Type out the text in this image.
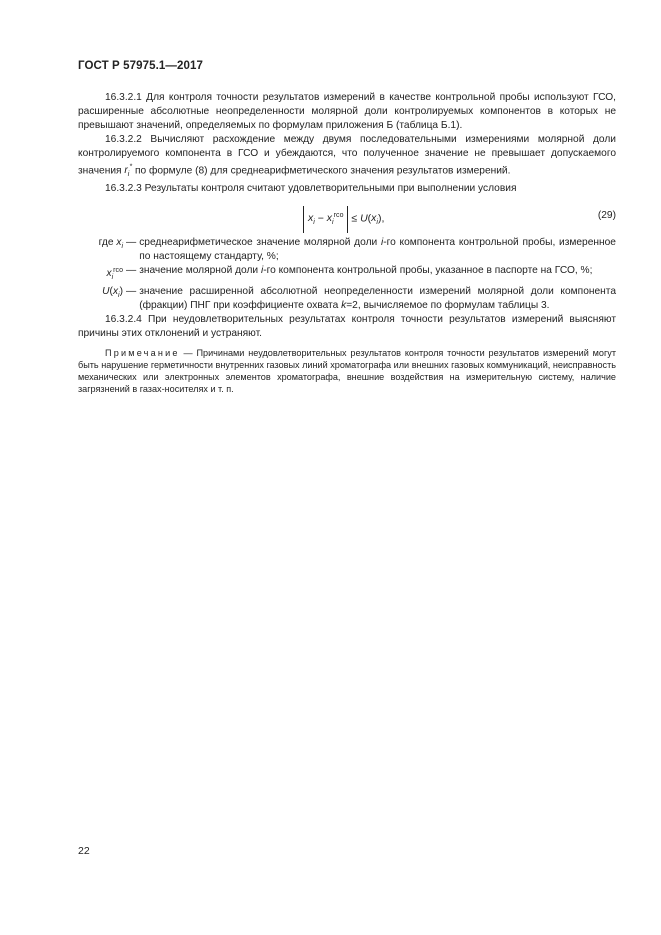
ГОСТ Р 57975.1—2017

16.3.2.1 Для контроля точности результатов измерений в качестве контрольной пробы используют ГСО, расширенные абсолютные неопределенности молярной доли контролируемых компонентов в которых не превышают значений, определяемых по формулам приложения Б (таблица Б.1).

16.3.2.2 Вычисляют расхождение между двумя последовательными измерениями молярной доли контролируемого компонента в ГСО и убеждаются, что полученное значение не превышает допускаемого значения $r_i^*$ по формуле (8) для среднеарифметического значения результатов измерений.

16.3.2.3 Результаты контроля считают удовлетворительными при выполнении условия

$x_i - x_i^{гсо} \le U(x_i)$,	(29)
где $x_i$ — среднеарифметическое значение молярной доли i-го компонента контрольной пробы, измеренное по настоящему стандарту, %;
$x_i^{гсо}$ — значение молярной доли i-го компонента контрольной пробы, указанное в паспорте на ГСО, %;
$U(x_i)$ — значение расширенной абсолютной неопределенности измерений молярной доли компонента (фракции) ПНГ при коэффициенте охвата k=2, вычисляемое по формулам таблицы 3.

16.3.2.4 При неудовлетворительных результатах контроля точности результатов измерений выясняют причины этих отклонений и устраняют.

Примечание — Причинами неудовлетворительных результатов контроля точности результатов измерений могут быть нарушение герметичности внутренних газовых линий хроматографа или внешних газовых коммуникаций, неисправность механических или электронных элементов хроматографа, внешние воздействия на измерительную систему, наличие загрязнений в газах-носителях и т. п.

22
